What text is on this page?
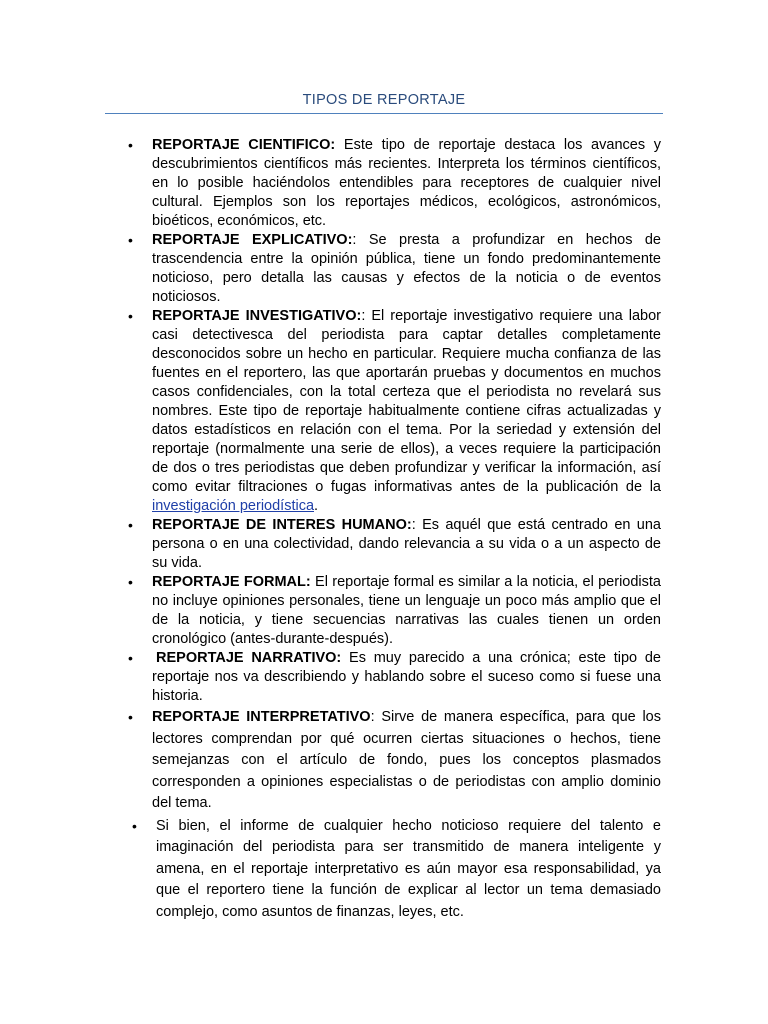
TIPOS DE REPORTAJE
• REPORTAJE CIENTIFICO: Este tipo de reportaje destaca los avances y descubrimientos científicos más recientes. Interpreta los términos científicos, en lo posible haciéndolos entendibles para receptores de cualquier nivel cultural. Ejemplos son los reportajes médicos, ecológicos, astronómicos, bioéticos, económicos, etc.
• REPORTAJE EXPLICATIVO:: Se presta a profundizar en hechos de trascendencia entre la opinión pública, tiene un fondo predominantemente noticioso, pero detalla las causas y efectos de la noticia o de eventos noticiosos.
• REPORTAJE INVESTIGATIVO:: El reportaje investigativo requiere una labor casi detectivesca del periodista para captar detalles completamente desconocidos sobre un hecho en particular. Requiere mucha confianza de las fuentes en el reportero, las que aportarán pruebas y documentos en muchos casos confidenciales, con la total certeza que el periodista no revelará sus nombres. Este tipo de reportaje habitualmente contiene cifras actualizadas y datos estadísticos en relación con el tema. Por la seriedad y extensión del reportaje (normalmente una serie de ellos), a veces requiere la participación de dos o tres periodistas que deben profundizar y verificar la información, así como evitar filtraciones o fugas informativas antes de la publicación de la investigación periodística.
• REPORTAJE DE INTERES HUMANO:: Es aquél que está centrado en una persona o en una colectividad, dando relevancia a su vida o a un aspecto de su vida.
• REPORTAJE FORMAL: El reportaje formal es similar a la noticia, el periodista no incluye opiniones personales, tiene un lenguaje un poco más amplio que el de la noticia, y tiene secuencias narrativas las cuales tienen un orden cronológico (antes-durante-después).
• REPORTAJE NARRATIVO: Es muy parecido a una crónica; este tipo de reportaje nos va describiendo y hablando sobre el suceso como si fuese una historia.
• REPORTAJE INTERPRETATIVO: Sirve de manera específica, para que los lectores comprendan por qué ocurren ciertas situaciones o hechos, tiene semejanzas con el artículo de fondo, pues los conceptos plasmados corresponden a opiniones especialistas o de periodistas con amplio dominio del tema.
• Si bien, el informe de cualquier hecho noticioso requiere del talento e imaginación del periodista para ser transmitido de manera inteligente y amena, en el reportaje interpretativo es aún mayor esa responsabilidad, ya que el reportero tiene la función de explicar al lector un tema demasiado complejo, como asuntos de finanzas, leyes, etc.
